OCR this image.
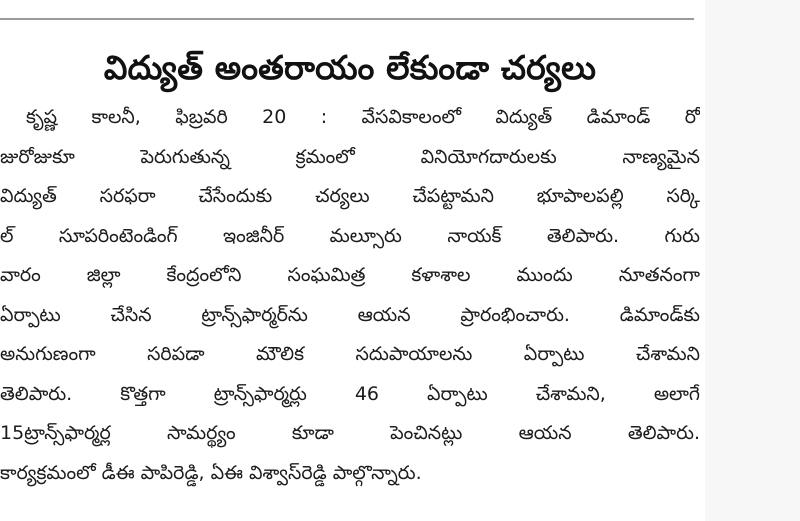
విద్యుత్ అంతరాయం లేకుండా చర్యలు
కృష్ణ కాలనీ, ఫిబ్రవరి 20 : వేసవికాలంలో విద్యుత్ డిమాండ్ రో
జురోజుకూ పెరుగుతున్న క్రమంలో వినియోగదారులకు నాణ్యమైన
విద్యుత్ సరఫరా చేసేందుకు చర్యలు చేపట్టామని భూపాలపల్లి సర్కి
ల్ సూపరింటెండింగ్ ఇంజినీర్ మల్సూరు నాయక్ తెలిపారు. గురు
వారం జిల్లా కేంద్రంలోని సంఘమిత్ర కళాశాల ముందు నూతనంగా
ఏర్పాటు చేసిన ట్రాన్స్‌ఫార్మర్‌ను ఆయన ప్రారంభించారు. డిమాండ్‌కు
అనుగుణంగా సరిపడా మౌలిక సదుపాయాలను ఏర్పాటు చేశామని
తెలిపారు. కొత్తగా ట్రాన్స్‌ఫార్మర్లు 46 ఏర్పాటు చేశామని, అలాగే
15ట్రాన్స్‌ఫార్మర్ల సామర్థ్యం కూడా పెంచినట్లు ఆయన తెలిపారు.
కార్యక్రమంలో డీఈ పాపిరెడ్డి, ఏఈ విశ్వాస్‌రెడ్డి పాల్గొన్నారు.
